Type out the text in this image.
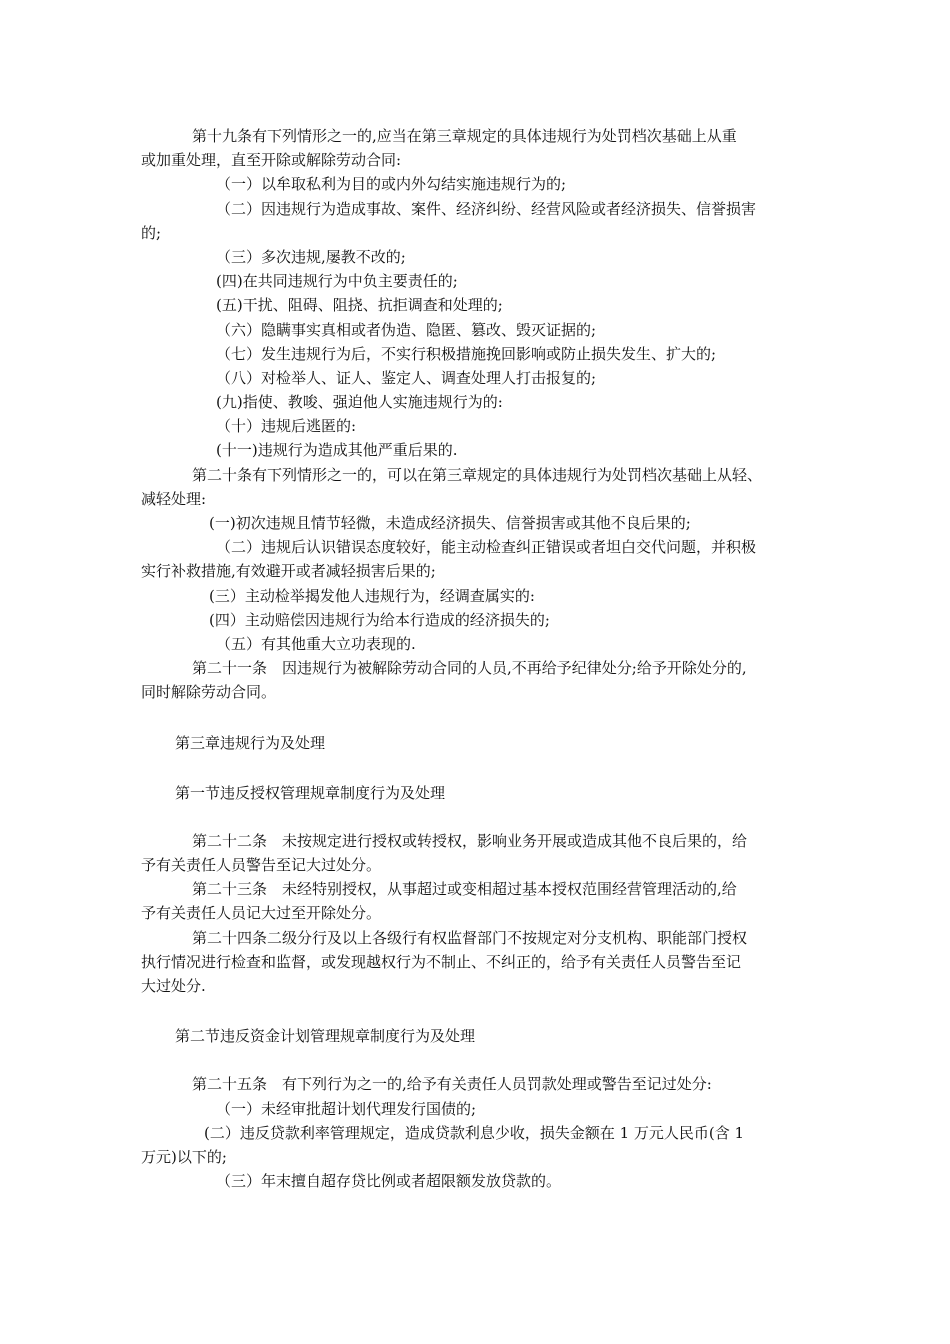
第十九条有下列情形之一的,应当在第三章规定的具体违规行为处罚档次基础上从重
或加重处理，直至开除或解除劳动合同:
（一）以牟取私利为目的或内外勾结实施违规行为的;
（二）因违规行为造成事故、案件、经济纠纷、经营风险或者经济损失、信誉损害
的;
（三）多次违规,屡教不改的;
(四)在共同违规行为中负主要责任的;
(五)干扰、阻碍、阻挠、抗拒调查和处理的;
（六）隐瞒事实真相或者伪造、隐匿、篡改、毁灭证据的;
（七）发生违规行为后，不实行积极措施挽回影响或防止损失发生、扩大的;
（八）对检举人、证人、鉴定人、调查处理人打击报复的;
(九)指使、教唆、强迫他人实施违规行为的:
（十）违规后逃匿的:
(十一)违规行为造成其他严重后果的.
第二十条有下列情形之一的，可以在第三章规定的具体违规行为处罚档次基础上从轻、
减轻处理:
(一)初次违规且情节轻微，未造成经济损失、信誉损害或其他不良后果的;
（二）违规后认识错误态度较好，能主动检查纠正错误或者坦白交代问题，并积极
实行补救措施,有效避开或者减轻损害后果的;
(三）主动检举揭发他人违规行为，经调查属实的:
(四）主动赔偿因违规行为给本行造成的经济损失的;
（五）有其他重大立功表现的.
第二十一条　因违规行为被解除劳动合同的人员,不再给予纪律处分;给予开除处分的,
同时解除劳动合同。
第三章违规行为及处理
第一节违反授权管理规章制度行为及处理
第二十二条　未按规定进行授权或转授权，影响业务开展或造成其他不良后果的，给
予有关责任人员警告至记大过处分。
第二十三条　未经特别授权，从事超过或变相超过基本授权范围经营管理活动的,给
予有关责任人员记大过至开除处分。
第二十四条二级分行及以上各级行有权监督部门不按规定对分支机构、职能部门授权
执行情况进行检查和监督，或发现越权行为不制止、不纠正的，给予有关责任人员警告至记
大过处分.
第二节违反资金计划管理规章制度行为及处理
第二十五条　有下列行为之一的,给予有关责任人员罚款处理或警告至记过处分:
（一）未经审批超计划代理发行国债的;
(二）违反贷款利率管理规定，造成贷款利息少收，损失金额在 1 万元人民币(含 1
万元)以下的;
（三）年末擅自超存贷比例或者超限额发放贷款的。
